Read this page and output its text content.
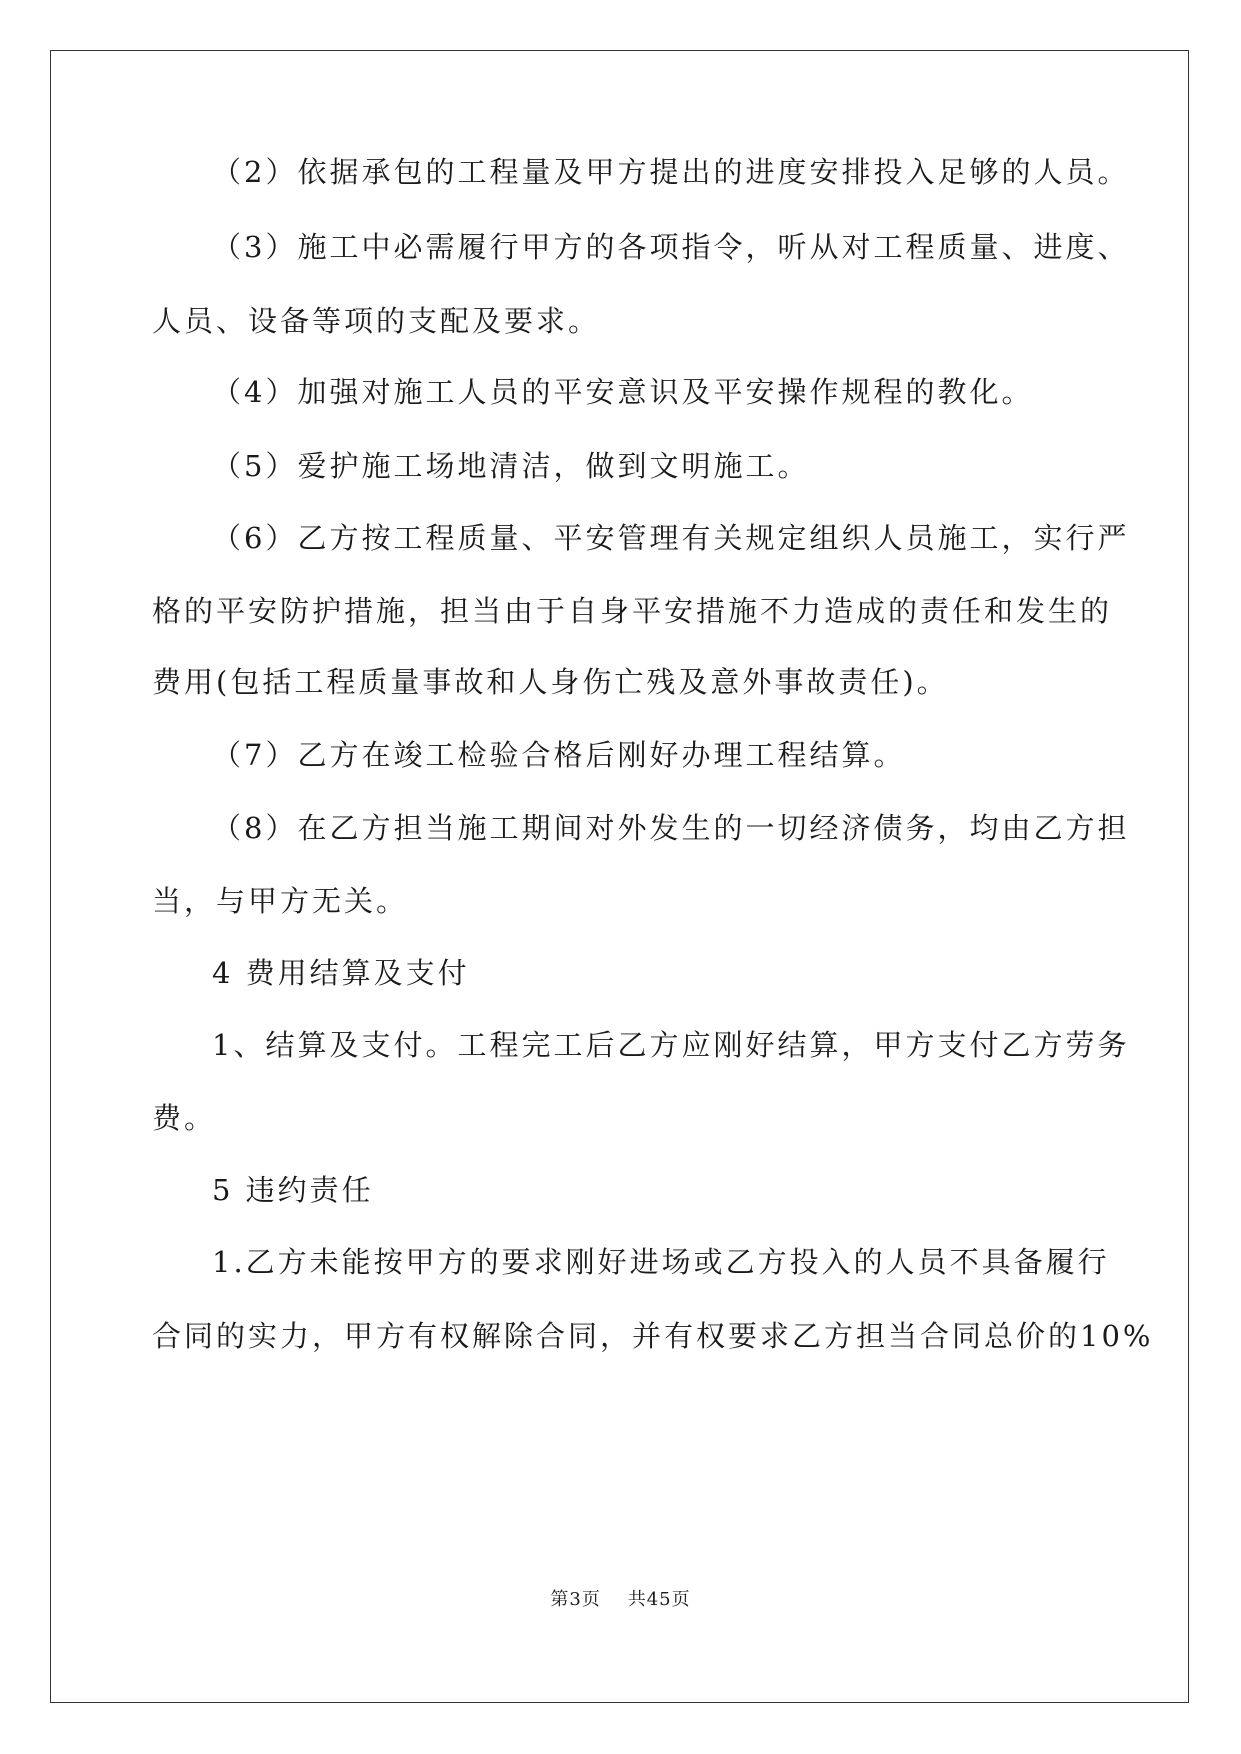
（2）依据承包的工程量及甲方提出的进度安排投入足够的人员。
（3）施工中必需履行甲方的各项指令，听从对工程质量、进度、
人员、设备等项的支配及要求。
（4）加强对施工人员的平安意识及平安操作规程的教化。
（5）爱护施工场地清洁，做到文明施工。
（6）乙方按工程质量、平安管理有关规定组织人员施工，实行严
格的平安防护措施，担当由于自身平安措施不力造成的责任和发生的
费用(包括工程质量事故和人身伤亡残及意外事故责任)。
（7）乙方在竣工检验合格后刚好办理工程结算。
（8）在乙方担当施工期间对外发生的一切经济债务，均由乙方担
当，与甲方无关。
4 费用结算及支付
1、结算及支付。工程完工后乙方应刚好结算，甲方支付乙方劳务
费。
5 违约责任
1.乙方未能按甲方的要求刚好进场或乙方投入的人员不具备履行
合同的实力，甲方有权解除合同，并有权要求乙方担当合同总价的10%
第3页    共45页
